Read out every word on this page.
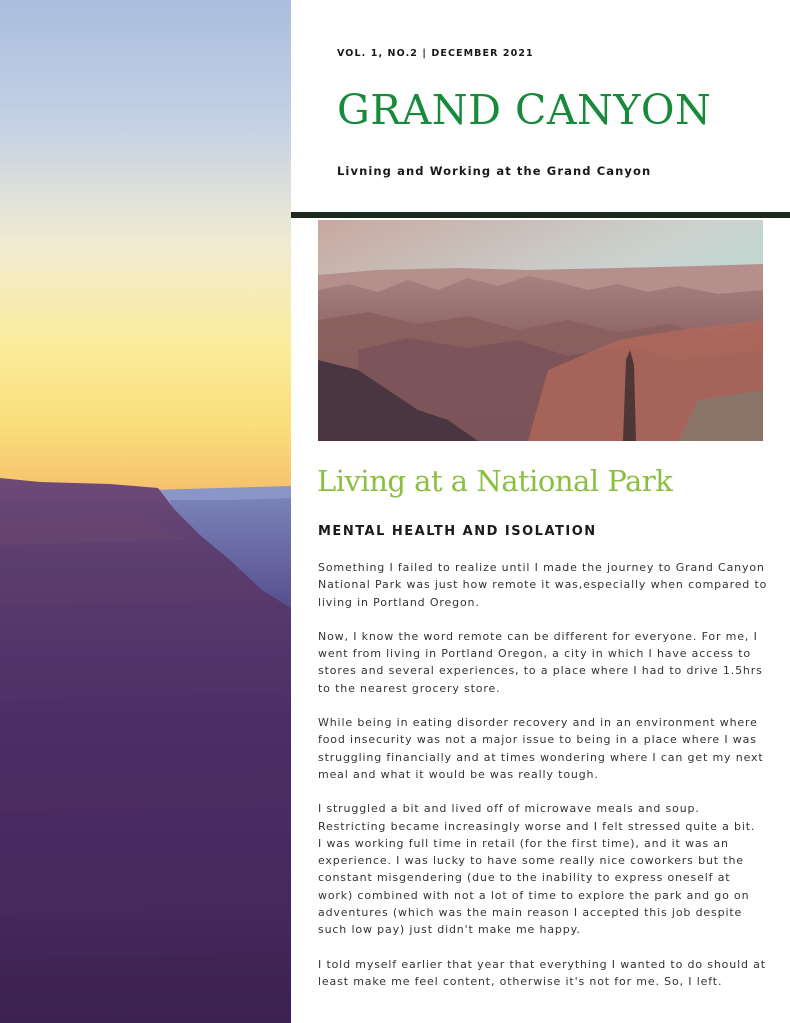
VOL. 1, NO.2 | DECEMBER 2021

GRAND CANYON

Livning and Working at the Grand Canyon

Living at a National Park
MENTAL HEALTH AND ISOLATION

Something I failed to realize until I made the journey to Grand Canyon National Park was just how remote it was,especially when compared to living in Portland Oregon.

Now, I know the word remote can be different for everyone. For me, I went from living in Portland Oregon, a city in which I have access to stores and several experiences, to a place where I had to drive 1.5hrs to the nearest grocery store.

While being in eating disorder recovery and in an environment where food insecurity was not a major issue to being in a place where I was struggling financially and at times wondering where I can get my next meal and what it would be was really tough.

I struggled a bit and lived off of microwave meals and soup. Restricting became increasingly worse and I felt stressed quite a bit.
I was working full time in retail (for the first time), and it was an experience. I was lucky to have some really nice coworkers but the constant misgendering (due to the inability to express oneself at work) combined with not a lot of time to explore the park and go on adventures (which was the main reason I accepted this job despite such low pay) just didn't make me happy.

I told myself earlier that year that everything I wanted to do should at least make me feel content, otherwise it's not for me. So, I left.
